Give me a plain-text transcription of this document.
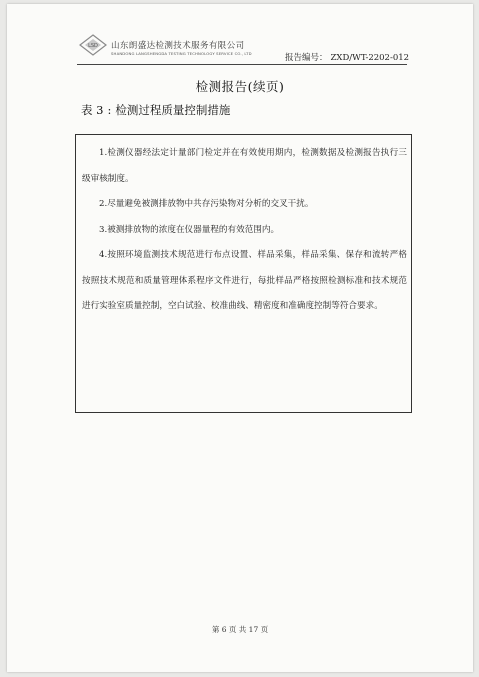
LSD 山东朗盛达检测技术服务有限公司
SHANDONG LANGSHENGDA TESTING TECHNOLOGY SERVICE CO., LTD	报告编号： ZXD/WT-2202-012
检测报告(续页)
表 3 : 检测过程质量控制措施

1.检测仪器经法定计量部门检定并在有效使用期内，检测数据及检测报告执行三级审核制度。

2.尽量避免被测排放物中共存污染物对分析的交叉干扰。

3.被测排放物的浓度在仪器量程的有效范围内。

4.按照环境监测技术规范进行布点设置、样品采集，样品采集、保存和流转严格按照技术规范和质量管理体系程序文件进行，每批样品严格按照检测标准和技术规范进行实验室质量控制，空白试验、校准曲线、精密度和准确度控制等符合要求。

第 6 页 共 17 页
